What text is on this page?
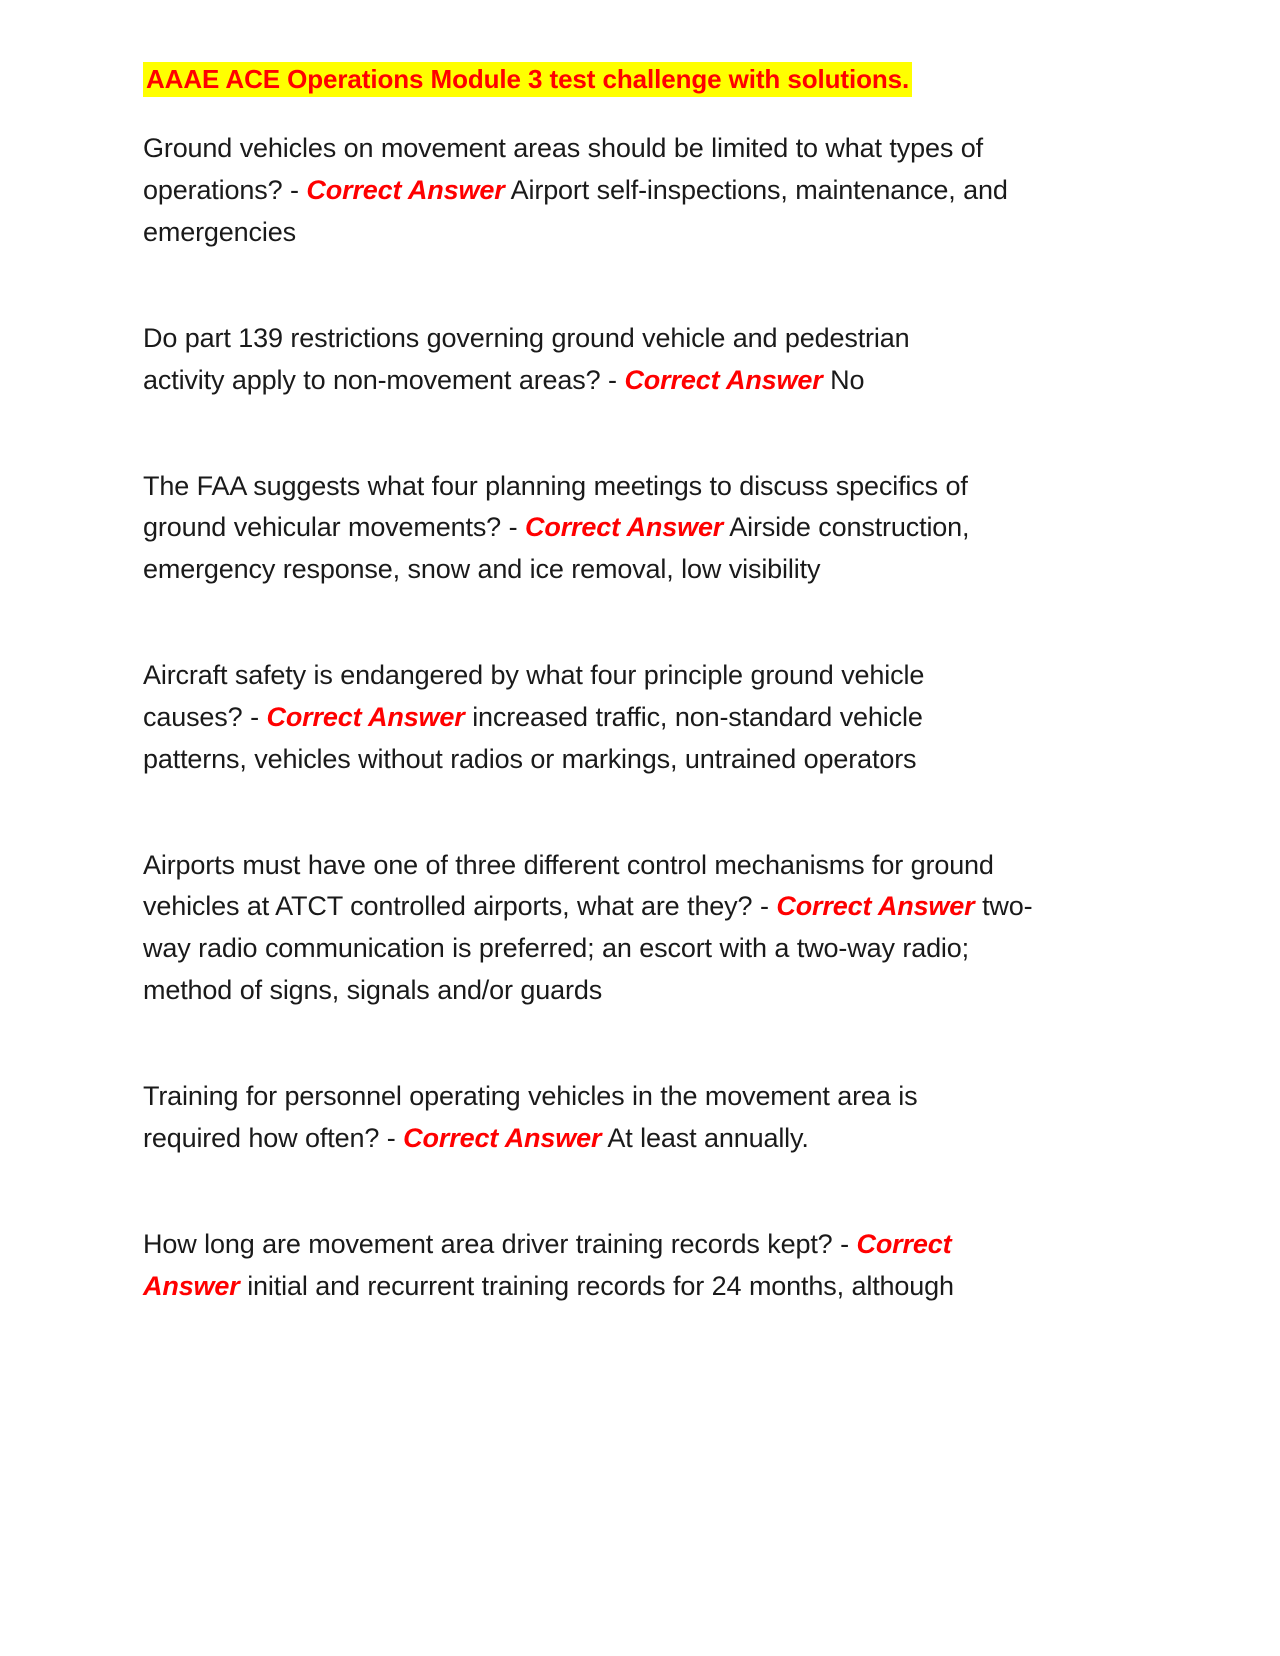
AAAE ACE Operations Module 3 test challenge with solutions.

Ground vehicles on movement areas should be limited to what types of operations? - Correct Answer Airport self-inspections, maintenance, and emergencies

Do part 139 restrictions governing ground vehicle and pedestrian activity apply to non-movement areas? - Correct Answer No

The FAA suggests what four planning meetings to discuss specifics of ground vehicular movements? - Correct Answer Airside construction, emergency response, snow and ice removal, low visibility

Aircraft safety is endangered by what four principle ground vehicle causes? - Correct Answer increased traffic, non-standard vehicle patterns, vehicles without radios or markings, untrained operators

Airports must have one of three different control mechanisms for ground vehicles at ATCT controlled airports, what are they? - Correct Answer two-way radio communication is preferred; an escort with a two-way radio; method of signs, signals and/or guards

Training for personnel operating vehicles in the movement area is required how often? - Correct Answer At least annually.

How long are movement area driver training records kept? - Correct Answer initial and recurrent training records for 24 months, although
